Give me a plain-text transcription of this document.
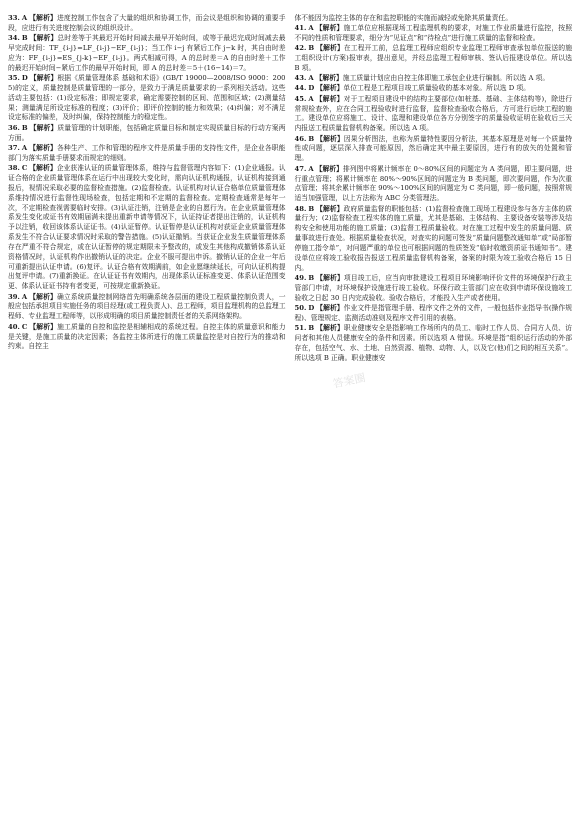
33. A 【解析】进度控制工作包含了大量的组织和协调工作，而会议是组织和协调的重要手段，应进行有关进度控制会议的组织设计。

34. B 【解析】总时差等于其最迟开始时间减去最早开始时间，或等于最迟完成时间减去最早完成时间：TF_{i-j}=LF_{i-j}−EF_{i-j}；当工作 i−j 有紧后工作 j−k 时，其自由时差应为：FF_{i-j}=ES_{j-k}−EF_{i-j}。两式相减可得，A 的总时差＝A 的自由时差＋工作的最迟开始时间−紧后工作的最早开始时间，即 A 的总时差＝5＋(16−14)＝7。

35. D 【解析】根据《质量管理体系 基础和术语》(GB/T 19000—2008/ISO 9000：2005)的定义，质量控制是质量管理的一部分，是致力于满足质量要求的一系列相关活动。这些活动主要包括：(1)设定标准；即规定要求，确定需要控制的区间、范围和区域；(2)测量结果；测量满足所设定标准的程度；(3)评价；即评价控制的能力和效果；(4)纠偏；对不满足设定标准的偏差，及时纠偏，保持控制能力的稳定性。

36. B 【解析】质量管理的计划职能，包括确定质量目标和制定实现质量目标的行动方案两方面。

37. A 【解析】各种生产、工作和管理的程序文件是质量手册的支持性文件，是企业各职能部门为落实质量手册要求而规定的细则。

38. C 【解析】企业获准认证的质量管理体系，维持与监督管理内容如下：(1)企业通报。认证合格的企业质量管理体系在运行中出现较大变化时，需向认证机构通报，认证机构接到通报后，视情况采取必要的监督检查措施。(2)监督检查。认证机构对认证合格单位质量管理体系维持情况进行监督性现场检查，包括定期和不定期的监督检查。定期检查通常是每年一次，不定期检查视需要临时安排。(3)认证注销，注销是企业的自愿行为。在企业质量管理体系发生变化或证书有效期届满未提出重新申请等情况下，认证持证者提出注销的，认证机构予以注销，收回该体系认证证书。(4)认证暂停。认证暂停是认证机构对获证企业质量管理体系发生不符合认证要求情况时采取的警告措施。(5)认证撤销。当获证企业发生质量管理体系存在严重不符合规定，或在认证暂停的规定期限未予整改的，或发生其他构成撤销体系认证资格情况时，认证机构作出撤销认证的决定。企业不服可提出申诉。撤销认证的企业一年后可重新提出认证申请。(6)复评。认证合格有效期满前，如企业愿继续延长，可向认证机构提出复评申请。(7)重新换证。在认证证书有效期内，出现体系认证标准变更、体系认证范围变更、体系认证证书持有者变更，可按规定重新换证。

39. A 【解析】确立系统质量控制网络首先明确系统各层面的建设工程质量控制负责人，一般应包括承担项目实施任务的项目经理(或工程负责人)、总工程师，项目监理机构的总监理工程师、专业监理工程师等，以形成明确的项目质量控制责任者的关系网络架构。

40. C 【解析】施工质量的自控和监控是相辅相成的系统过程。自控主体的质量意识和能力是关键，是施工质量的决定因素；各监控主体所进行的施工质量监控是对自控行为的推动和约束。自控主

体不能因为监控主体的存在和监控职能的实施而减轻或免除其质量责任。

41. A 【解析】施工单位应根据现场工程监理机构的要求，对施工作业质量进行监控，按照不同的性质和管理要求，细分为“见证点”和“待检点”进行施工质量的监督和检查。

42. B 【解析】在工程开工前，总监理工程师应组织专业监理工程师审查承包单位报送的施工组织设计(方案)报审表，提出意见，并经总监理工程师审核、签认后报建设单位。所以选 B 项。

43. A 【解析】施工质量计划应由自控主体即施工承包企业进行编制。所以选 A 项。

44. D 【解析】单位工程是工程项目竣工质量验收的基本对象。所以选 D 项。

45. A 【解析】对于工程项目建设中的结构主要部位(如桩基、基础、主体结构等)，除进行常规检查外，应在合同工程验收时进行监督，监督检查验收合格后，方可进行后续工程的施工。建设单位应将施工、设计、监理和建设单位各方分别签字的质量验收证明在验收后三天内报送工程质量监督机构备案。所以选 A 项。

46. B 【解析】因果分析图法，也称为质量特性要因分析法，其基本原理是对每一个质量特性或问题，逐层深入排查可能原因，然后确定其中最主要原因，进行有的放矢的处置和管理。

47. A 【解析】排列图中将累计频率在 0～80%区间的问题定为 A 类问题，即主要问题，进行重点管理；将累计频率在 80%～90%区间的问题定为 B 类问题，即次要问题，作为次重点管理；将其余累计频率在 90%～100%区间的问题定为 C 类问题，即一般问题，按照常规适当加强管理，以上方法称为 ABC 分类管理法。

48. B 【解析】政府质量监督的职能包括：(1)监督检查施工现场工程建设参与各方主体的质量行为；(2)监督检查工程实体的施工质量，尤其是基础、主体结构、主要设备安装等涉及结构安全和使用功能的施工质量；(3)监督工程质量验收。对在施工过程中发生的质量问题、质量事故进行查处。根据质量检查状况，对查实的问题可签发“质量问题整改通知单”或“局部暂停施工指令单”，对问题严重的单位也可根据问题的性质签发“临时收缴资质证书通知书”。建设单位应将竣工验收报告报送工程质量监督机构备案，备案的时限为竣工验收合格后 15 日内。

49. B 【解析】项目竣工后，应当向审批建设工程项目环境影响评价文件的环境保护行政主管部门申请，对环境保护设施进行竣工验收。环保行政主管部门应在收到申请环保设施竣工验收之日起 30 日内完成验收。验收合格后，才能投入生产或者使用。

50. D 【解析】作业文件是指管理手册、程序文件之外的文件，一般包括作业指导书(操作规程)、管理规定、监测活动准则及程序文件引用的表格。

51. B 【解析】职业健康安全是指影响工作场所内的员工、临时工作人员、合同方人员、访问者和其他人员健康安全的条件和因素。所以选项 A 错误。环境是指“组织运行活动的外部存在，包括空气、水、土地、自然资源、植物、动物、人，以及它(他)们之间的相互关系”。所以选项 B 正确。职业健康安

答案圈
